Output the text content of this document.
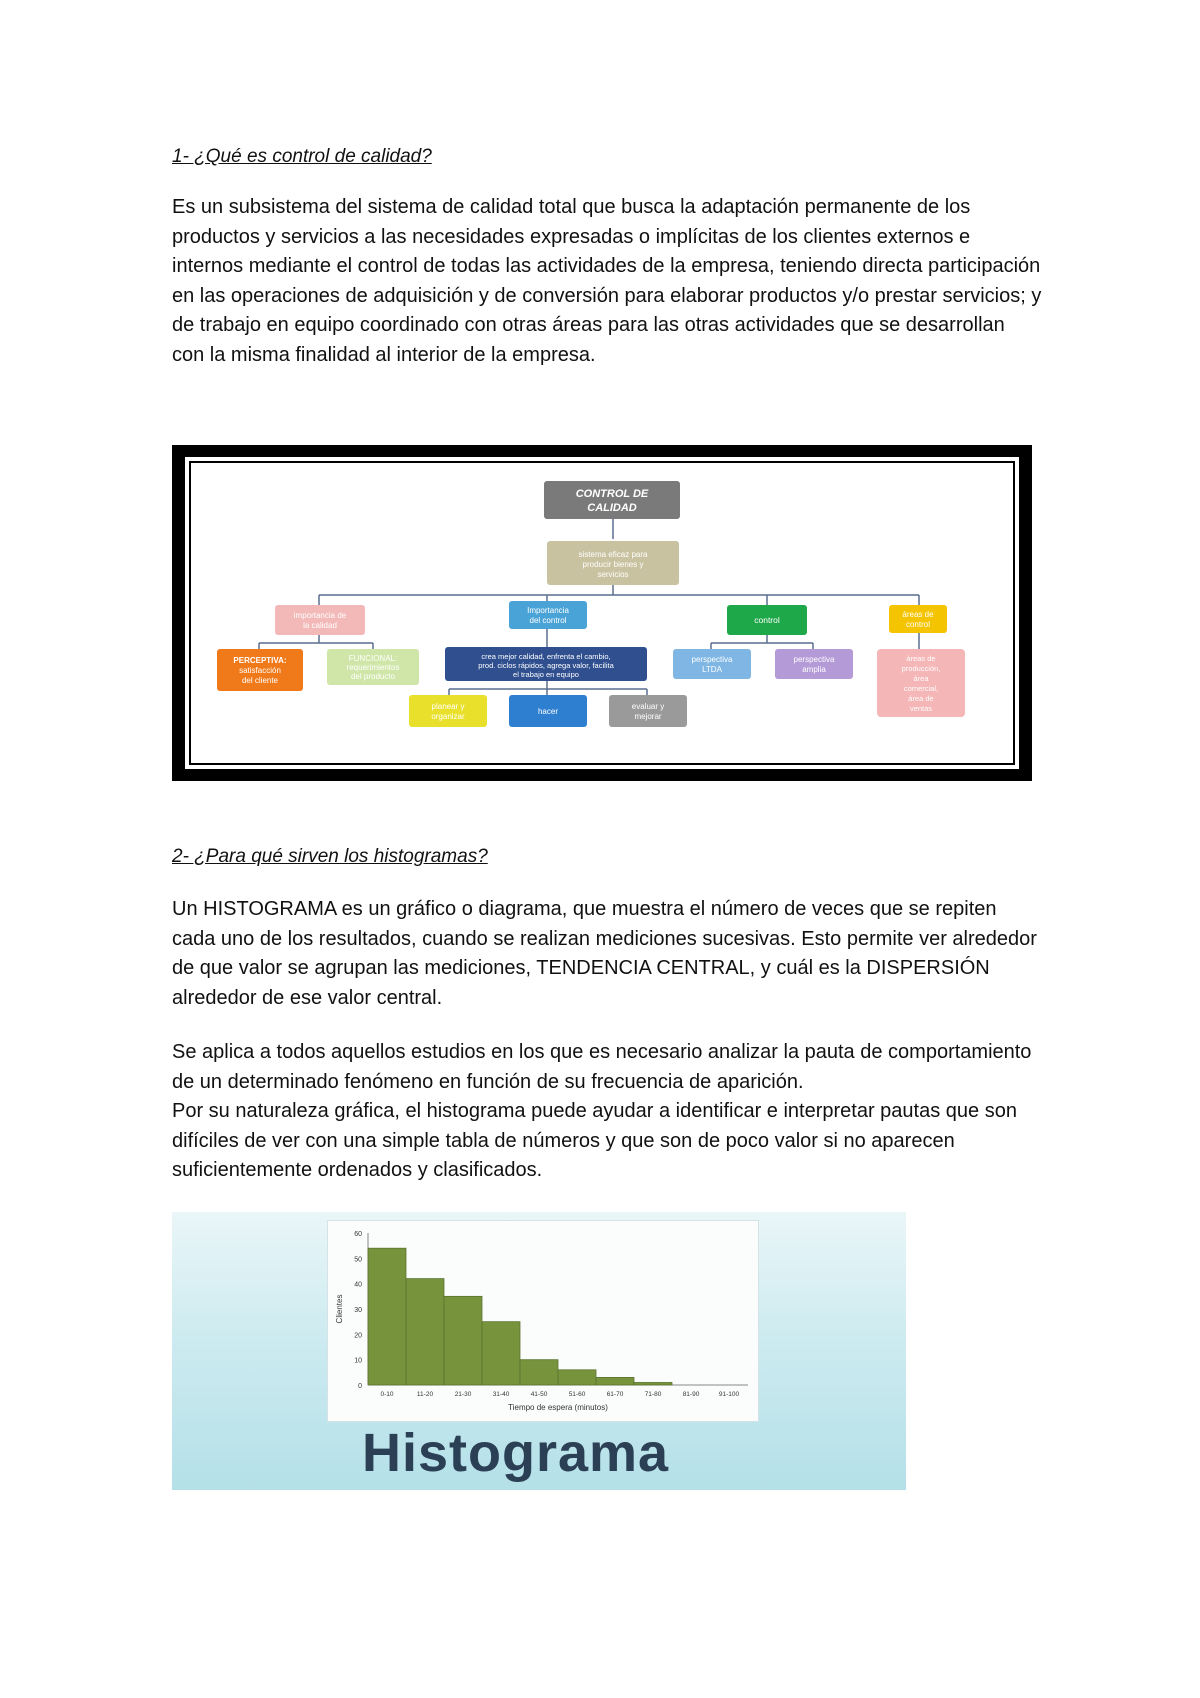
1- ¿Qué es control de calidad?

Es un subsistema del sistema de calidad total que busca la adaptación permanente de los productos y servicios a las necesidades expresadas o implícitas de los clientes externos e internos mediante el control de todas las actividades de la empresa, teniendo directa participación en las operaciones de adquisición y de conversión para elaborar productos y/o prestar servicios; y de trabajo en equipo coordinado con otras áreas para las otras actividades que se desarrollan con la misma finalidad al interior de la empresa.

CONTROL DE
CALIDAD
sistema eficaz para
producir bienes y
servicios
importancia de
la calidad
PERCEPTIVA:
satisfacción
del cliente
FUNCIONAL:
requerimientos
del producto
Importancia
del control
crea mejor calidad, enfrenta el cambio,
prod. ciclos rápidos, agrega valor, facilita
el trabajo en equipo
planear y
organizar
hacer
evaluar y
mejorar
control
perspectiva
LTDA
perspectiva
amplia
áreas de
control
áreas de
producción,
área
comercial,
área de
ventas
2- ¿Para qué sirven los histogramas?

Un HISTOGRAMA es un gráfico o diagrama, que muestra el número de veces que se repiten cada uno de los resultados, cuando se realizan mediciones sucesivas. Esto permite ver alrededor de que valor se agrupan las mediciones, TENDENCIA CENTRAL, y cuál es la DISPERSIÓN alrededor de ese valor central.

Se aplica a todos aquellos estudios en los que es necesario analizar la pauta de comportamiento de un determinado fenómeno en función de su frecuencia de aparición.

Por su naturaleza gráfica, el histograma puede ayudar a identificar e interpretar pautas que son difíciles de ver con una simple tabla de números y que son de poco valor si no aparecen suficientemente ordenados y clasificados.

0
10
20
30
40
50
60
0-10	11-20	21-30	31-40	41-50	51-60	61-70	71-80	81-90	91-100
Tiempo de espera (minutos)
Clientes
Histograma
